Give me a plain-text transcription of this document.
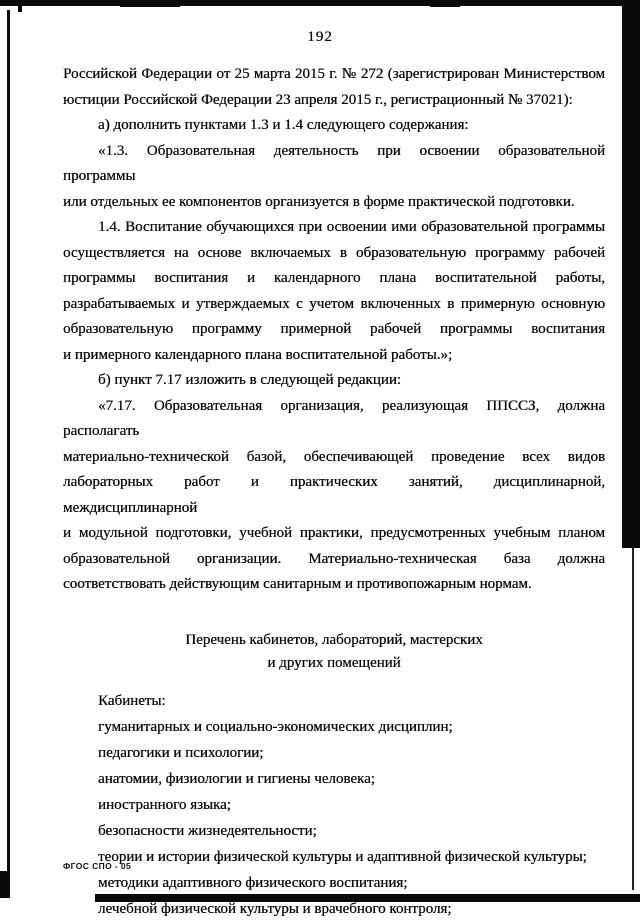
192
Российской Федерации от 25 марта 2015 г. № 272 (зарегистрирован Министерством
юстиции Российской Федерации 23 апреля 2015 г., регистрационный № 37021):
а) дополнить пунктами 1.3 и 1.4 следующего содержания:
«1.3. Образовательная деятельность при освоении образовательной программы
или отдельных ее компонентов организуется в форме практической подготовки.
1.4. Воспитание обучающихся при освоении ими образовательной программы
осуществляется на основе включаемых в образовательную программу рабочей
программы воспитания и календарного плана воспитательной работы,
разрабатываемых и утверждаемых с учетом включенных в примерную основную
образовательную программу примерной рабочей программы воспитания
и примерного календарного плана воспитательной работы.»;
б) пункт 7.17 изложить в следующей редакции:
«7.17. Образовательная организация, реализующая ППССЗ, должна располагать
материально-технической базой, обеспечивающей проведение всех видов
лабораторных работ и практических занятий, дисциплинарной, междисциплинарной
и модульной подготовки, учебной практики, предусмотренных учебным планом
образовательной организации. Материально-техническая база должна
соответствовать действующим санитарным и противопожарным нормам.
Перечень кабинетов, лабораторий, мастерских
и других помещений
Кабинеты:
гуманитарных и социально-экономических дисциплин;
педагогики и психологии;
анатомии, физиологии и гигиены человека;
иностранного языка;
безопасности жизнедеятельности;
теории и истории физической культуры и адаптивной физической культуры;
методики адаптивного физического воспитания;
лечебной физической культуры и врачебного контроля;
ФГОС СПО - 05
